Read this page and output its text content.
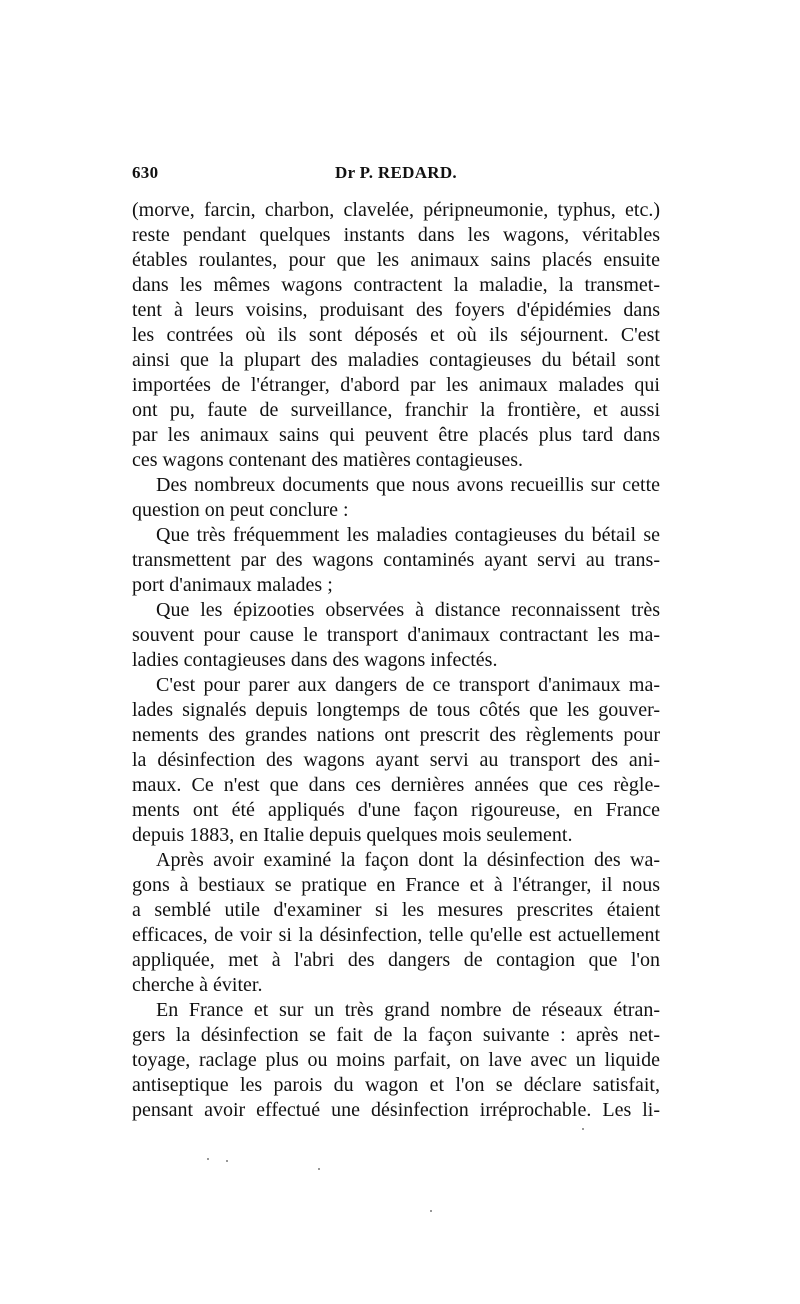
630	Dr P. REDARD.
(morve, farcin, charbon, clavelée, péripneumonie, typhus, etc.)
reste pendant quelques instants dans les wagons, véritables
étables roulantes, pour que les animaux sains placés ensuite
dans les mêmes wagons contractent la maladie, la transmet-
tent à leurs voisins, produisant des foyers d'épidémies dans
les contrées où ils sont déposés et où ils séjournent. C'est
ainsi que la plupart des maladies contagieuses du bétail sont
importées de l'étranger, d'abord par les animaux malades qui
ont pu, faute de surveillance, franchir la frontière, et aussi
par les animaux sains qui peuvent être placés plus tard dans
ces wagons contenant des matières contagieuses.
Des nombreux documents que nous avons recueillis sur cette
question on peut conclure :
Que très fréquemment les maladies contagieuses du bétail se
transmettent par des wagons contaminés ayant servi au trans-
port d'animaux malades ;
Que les épizooties observées à distance reconnaissent très
souvent pour cause le transport d'animaux contractant les ma-
ladies contagieuses dans des wagons infectés.
C'est pour parer aux dangers de ce transport d'animaux ma-
lades signalés depuis longtemps de tous côtés que les gouver-
nements des grandes nations ont prescrit des règlements pour
la désinfection des wagons ayant servi au transport des ani-
maux. Ce n'est que dans ces dernières années que ces règle-
ments ont été appliqués d'une façon rigoureuse, en France
depuis 1883, en Italie depuis quelques mois seulement.
Après avoir examiné la façon dont la désinfection des wa-
gons à bestiaux se pratique en France et à l'étranger, il nous
a semblé utile d'examiner si les mesures prescrites étaient
efficaces, de voir si la désinfection, telle qu'elle est actuellement
appliquée, met à l'abri des dangers de contagion que l'on
cherche à éviter.
En France et sur un très grand nombre de réseaux étran-
gers la désinfection se fait de la façon suivante : après net-
toyage, raclage plus ou moins parfait, on lave avec un liquide
antiseptique les parois du wagon et l'on se déclare satisfait,
pensant avoir effectué une désinfection irréprochable. Les li-
